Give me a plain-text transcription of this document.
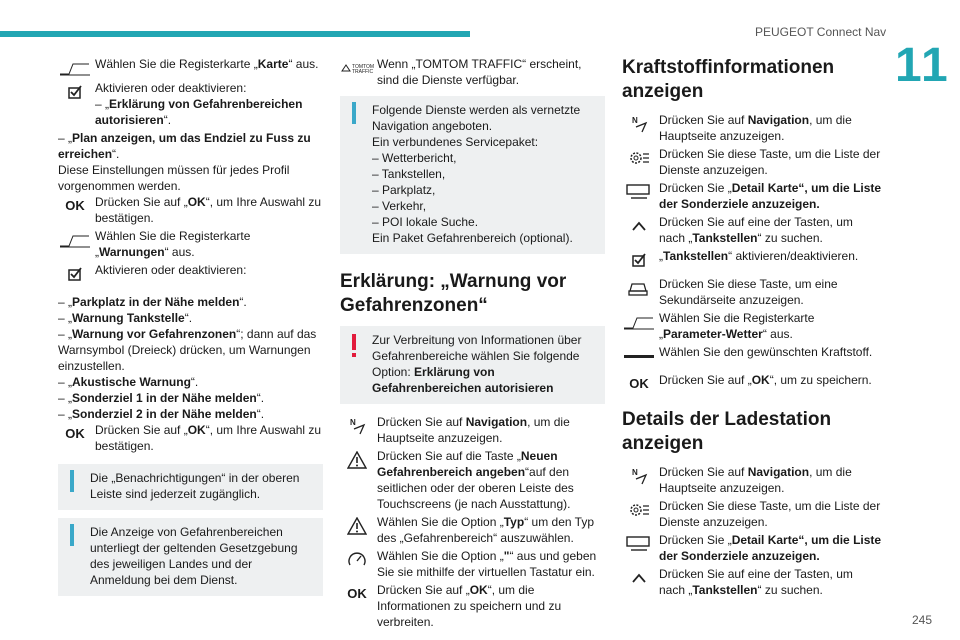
PEUGEOT Connect Nav
11
Wählen Sie die Registerkarte „Karte“ aus.
Aktivieren oder deaktivieren:
– „Erklärung von Gefahrenbereichen autorisieren“.

– „Plan anzeigen, um das Endziel zu Fuss zu erreichen“.

Diese Einstellungen müssen für jedes Profil vorgenommen werden.

OK Drücken Sie auf „OK“, um Ihre Auswahl zu bestätigen.
Wählen Sie die Registerkarte „Warnungen“ aus.
Aktivieren oder deaktivieren:

– „Parkplatz in der Nähe melden“.

– „Warnung Tankstelle“.

– „Warnung vor Gefahrenzonen“; dann auf das Warnsymbol (Dreieck) drücken, um Warnungen einzustellen.

– „Akustische Warnung“.

– „Sonderziel 1 in der Nähe melden“.

– „Sonderziel 2 in der Nähe melden“.

OK Drücken Sie auf „OK“, um Ihre Auswahl zu bestätigen.
Die „Benachrichtigungen“ in der oberen Leiste sind jederzeit zugänglich.
Die Anzeige von Gefahrenbereichen unterliegt der geltenden Gesetzgebung des jeweiligen Landes und der Anmeldung bei dem Dienst.
TOMTOM
TRAFFIC
Wenn „TOMTOM TRAFFIC“ erscheint, sind die Dienste verfügbar.
Folgende Dienste werden als vernetzte Navigation angeboten.
Ein verbundenes Servicepaket:
– Wetterbericht,
– Tankstellen,
– Parkplatz,
– Verkehr,
– POI lokale Suche.
Ein Paket Gefahrenbereich (optional).
Erklärung: „Warnung vor Gefahrenzonen“
Zur Verbreitung von Informationen über Gefahrenbereiche wählen Sie folgende Option: Erklärung von Gefahrenbereichen autorisieren
N Drücken Sie auf Navigation, um die Hauptseite anzuzeigen.
Drücken Sie auf die Taste „Neuen Gefahrenbereich angeben“auf den seitlichen oder der oberen Leiste des Touchscreens (je nach Ausstattung).
Wählen Sie die Option „Typ“ um den Typ des „Gefahrenbereich“ auszuwählen.
Wählen Sie die Option „"“ aus und geben Sie sie mithilfe der virtuellen Tastatur ein.
OK Drücken Sie auf „OK“, um die Informationen zu speichern und zu verbreiten.
Kraftstoffinformationen anzeigen
N Drücken Sie auf Navigation, um die Hauptseite anzuzeigen.
Drücken Sie diese Taste, um die Liste der Dienste anzuzeigen.
Drücken Sie „Detail Karte“, um die Liste der Sonderziele anzuzeigen.
Drücken Sie auf eine der Tasten, um nach „Tankstellen“ zu suchen.
„Tankstellen“ aktivieren/deaktivieren.
Drücken Sie diese Taste, um eine Sekundärseite anzuzeigen.
Wählen Sie die Registerkarte „Parameter-Wetter“ aus.
Wählen Sie den gewünschten Kraftstoff.
OK Drücken Sie auf „OK“, um zu speichern.
Details der Ladestation anzeigen
N Drücken Sie auf Navigation, um die Hauptseite anzuzeigen.
Drücken Sie diese Taste, um die Liste der Dienste anzuzeigen.
Drücken Sie „Detail Karte“, um die Liste der Sonderziele anzuzeigen.
Drücken Sie auf eine der Tasten, um nach „Tankstellen“ zu suchen.
245
